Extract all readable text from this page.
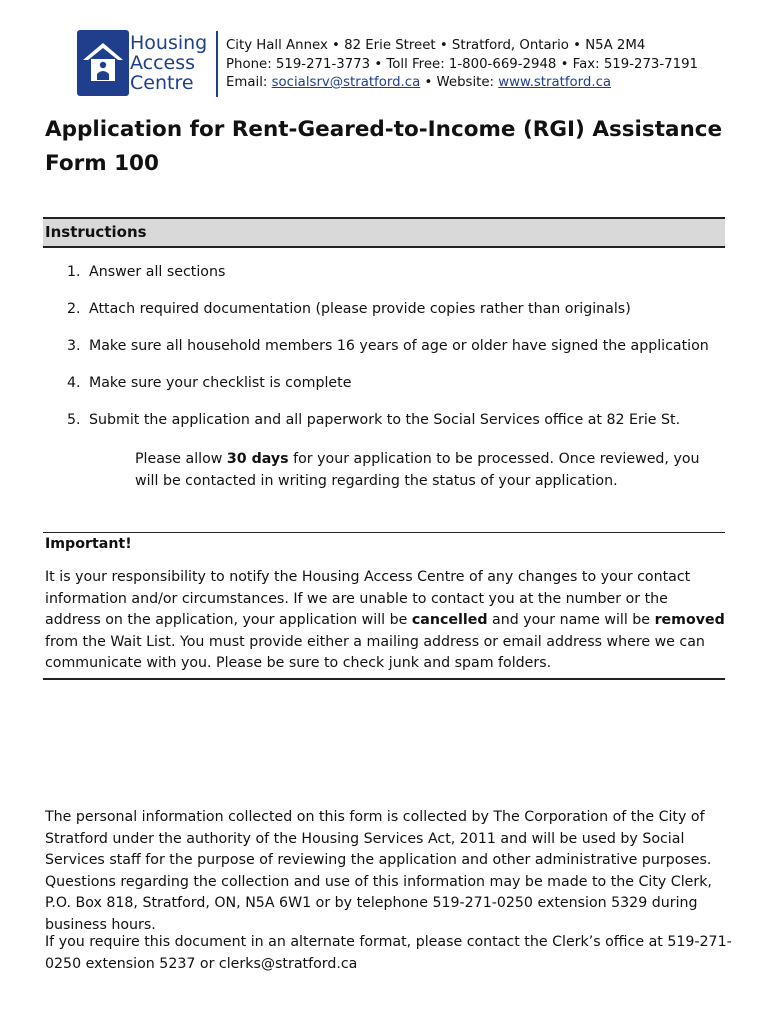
Housing
Access
Centre
City Hall Annex • 82 Erie Street • Stratford, Ontario • N5A 2M4
Phone: 519-271-3773 • Toll Free: 1-800-669-2948 • Fax: 519-273-7191
Email: socialsrv@stratford.ca • Website: www.stratford.ca
Application for Rent-Geared-to-Income (RGI) Assistance
Form 100
Instructions
1. Answer all sections
2. Attach required documentation (please provide copies rather than originals)
3. Make sure all household members 16 years of age or older have signed the application
4. Make sure your checklist is complete
5. Submit the application and all paperwork to the Social Services office at 82 Erie St.
Please allow 30 days for your application to be processed. Once reviewed, you will be contacted in writing regarding the status of your application.
Important!
It is your responsibility to notify the Housing Access Centre of any changes to your contact information and/or circumstances. If we are unable to contact you at the number or the address on the application, your application will be cancelled and your name will be removed from the Wait List. You must provide either a mailing address or email address where we can communicate with you. Please be sure to check junk and spam folders.
The personal information collected on this form is collected by The Corporation of the City of Stratford under the authority of the Housing Services Act, 2011 and will be used by Social Services staff for the purpose of reviewing the application and other administrative purposes. Questions regarding the collection and use of this information may be made to the City Clerk, P.O. Box 818, Stratford, ON, N5A 6W1 or by telephone 519-271-0250 extension 5329 during business hours.
If you require this document in an alternate format, please contact the Clerk’s office at 519-271-0250 extension 5237 or clerks@stratford.ca
